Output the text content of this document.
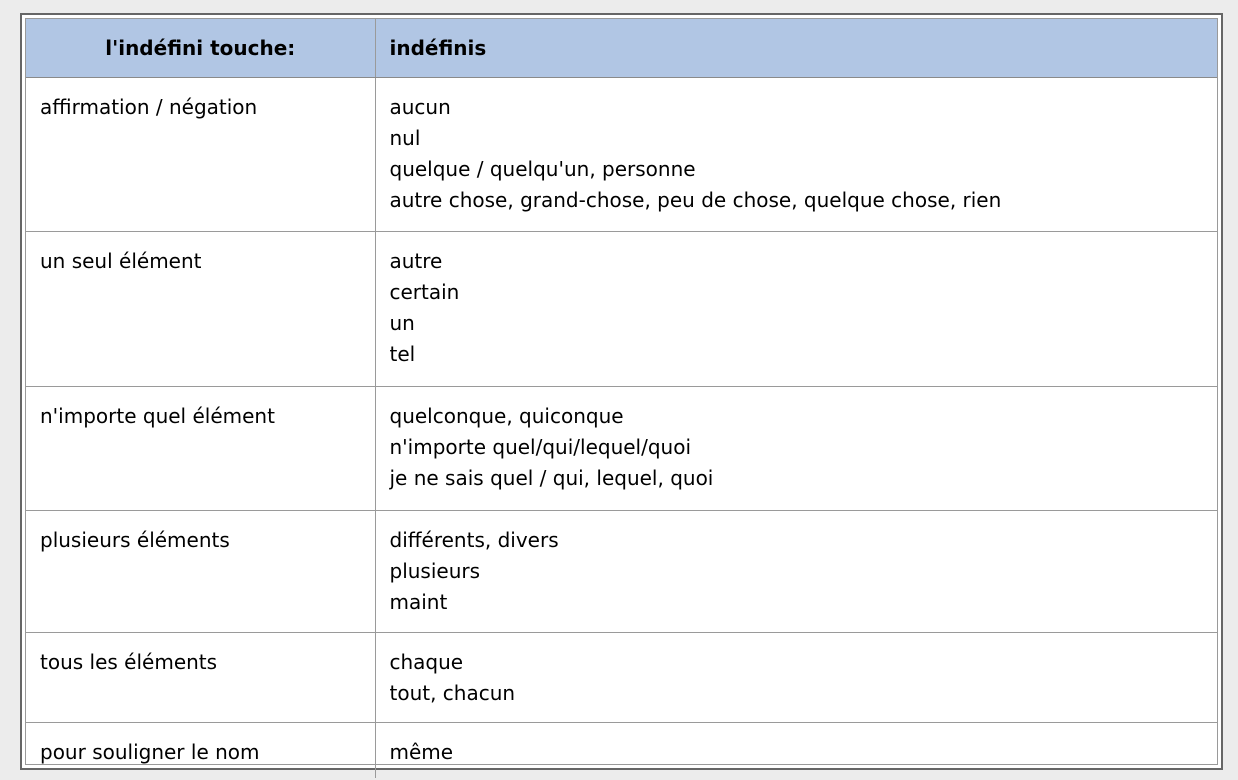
l'indéfini touche:	indéfinis
affirmation / négation	aucun
nul
quelque / quelqu'un, personne
autre chose, grand-chose, peu de chose, quelque chose, rien

un seul élément	autre
certain
un
tel

n'importe quel élément	quelconque, quiconque
n'importe quel/qui/lequel/quoi
je ne sais quel / qui, lequel, quoi

plusieurs éléments	différents, divers
plusieurs
maint

tous les éléments	chaque
tout, chacun

pour souligner le nom	même
